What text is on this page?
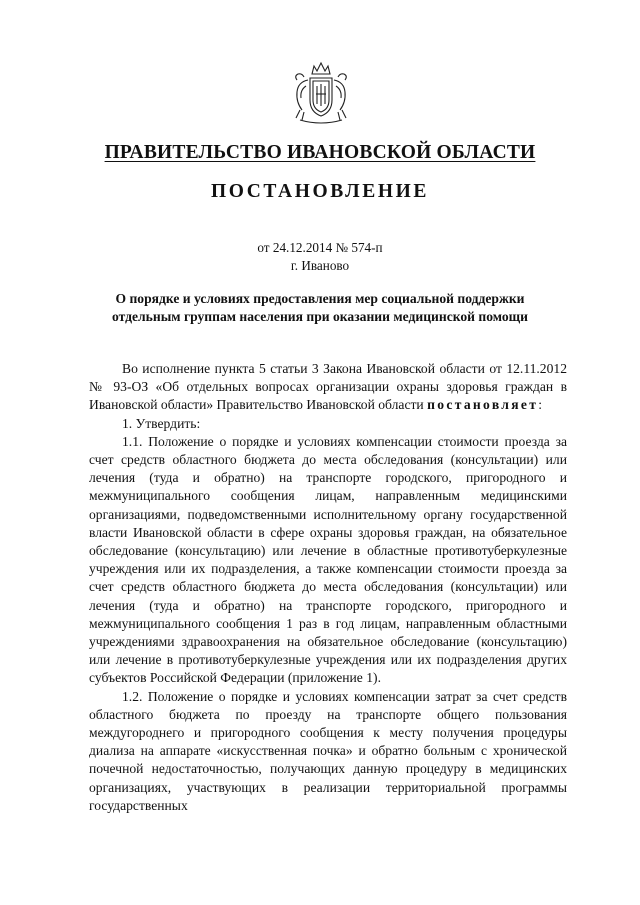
ПРАВИТЕЛЬСТВО ИВАНОВСКОЙ ОБЛАСТИ
ПОСТАНОВЛЕНИЕ
от 24.12.2014 № 574-п
г. Иваново
О порядке и условиях предоставления мер социальной поддержки
отдельным группам населения при оказании медицинской помощи

Во исполнение пункта 5 статьи 3 Закона Ивановской области от 12.11.2012 № 93-ОЗ «Об отдельных вопросах организации охраны здоровья граждан в Ивановской области» Правительство Ивановской области постановляет:

1. Утвердить:

1.1. Положение о порядке и условиях компенсации стоимости проезда за счет средств областного бюджета до места обследования (консультации) или лечения (туда и обратно) на транспорте городского, пригородного и межмуниципального сообщения лицам, направленным медицинскими организациями, подведомственными исполнительному органу государственной власти Ивановской области в сфере охраны здоровья граждан, на обязательное обследование (консультацию) или лечение в областные противотуберкулезные учреждения или их подразделения, а также компенсации стоимости проезда за счет средств областного бюджета до места обследования (консультации) или лечения (туда и обратно) на транспорте городского, пригородного и межмуниципального сообщения 1 раз в год лицам, направленным областными учреждениями здравоохранения на обязательное обследование (консультацию) или лечение в противотуберкулезные учреждения или их подразделения других субъектов Российской Федерации (приложение 1).

1.2. Положение о порядке и условиях компенсации затрат за счет средств областного бюджета по проезду на транспорте общего пользования междугороднего и пригородного сообщения к месту получения процедуры диализа на аппарате «искусственная почка» и обратно больным с хронической почечной недостаточностью, получающих данную процедуру в медицинских организациях, участвующих в реализации территориальной программы государственных
